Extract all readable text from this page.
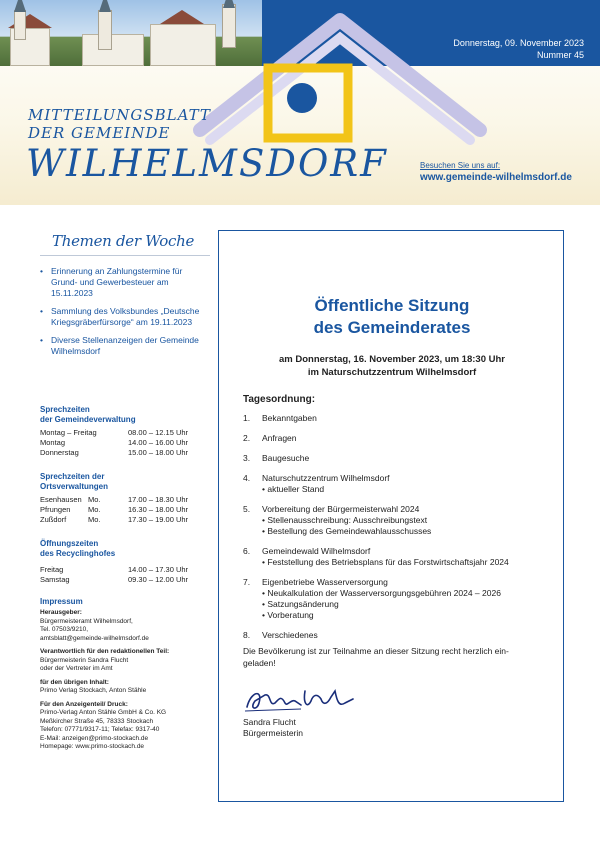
Donnerstag, 09. November 2023
Nummer 45
MITTEILUNGSBLATT
DER GEMEINDE
WILHELMSDORF	Besuchen Sie uns auf:
www.gemeinde-wilhelmsdorf.de
Themen der Woche
• Erinnerung an Zahlungstermine für Grund- und Gewerbesteuer am 15.11.2023
• Sammlung des Volksbundes „Deutsche Kriegsgräberfürsorge“ am 19.11.2023
• Diverse Stellenanzeigen der Gemeinde Wilhelmsdorf
Sprechzeiten
der Gemeindeverwaltung
Montag – Freitag	08.00 – 12.15 Uhr
Montag	14.00 – 16.00 Uhr
Donnerstag	15.00 – 18.00 Uhr
Sprechzeiten der
Ortsverwaltungen
Esenhausen Mo.	17.00 – 18.30 Uhr
Pfrungen	Mo.	16.30 – 18.00 Uhr
Zußdorf	Mo.	17.30 – 19.00 Uhr
Öffnungszeiten
des Recyclinghofes
Freitag	14.00 – 17.30 Uhr
Samstag	09.30 – 12.00 Uhr
Impressum
Herausgeber:
Bürgermeisteramt Wilhelmsdorf,
Tel. 07503/9210,
amtsblatt@gemeinde-wilhelmsdorf.de
Verantwortlich für den redaktionellen Teil:
Bürgermeisterin Sandra Flucht
oder der Vertreter im Amt
für den übrigen Inhalt:
Primo Verlag Stockach, Anton Stähle
Für den Anzeigenteil/ Druck:
Primo-Verlag Anton Stähle GmbH & Co. KG
Meßkircher Straße 45, 78333 Stockach
Telefon: 07771/9317-11; Telefax: 9317-40
E-Mail: anzeigen@primo-stockach.de
Homepage: www.primo-stockach.de
Öffentliche Sitzung
des Gemeinderates
am Donnerstag, 16. November 2023, um 18:30 Uhr
im Naturschutzzentrum Wilhelmsdorf
Tagesordnung:
1.	Bekanntgaben
2.	Anfragen
3.	Baugesuche
4.	Naturschutzzentrum Wilhelmsdorf
• aktueller Stand
5.	Vorbereitung der Bürgermeisterwahl 2024
• Stellenausschreibung: Ausschreibungstext
• Bestellung des Gemeindewahlausschusses
6.	Gemeindewald Wilhelmsdorf
• Feststellung des Betriebsplans für das Forstwirtschaftsjahr 2024
7.	Eigenbetriebe Wasserversorgung
• Neukalkulation der Wasserversorgungsgebühren 2024 – 2026
• Satzungsänderung
• Vorberatung
8.	Verschiedenes
Die Bevölkerung ist zur Teilnahme an dieser Sitzung recht herzlich ein-
geladen!
Sandra Flucht
Bürgermeisterin
